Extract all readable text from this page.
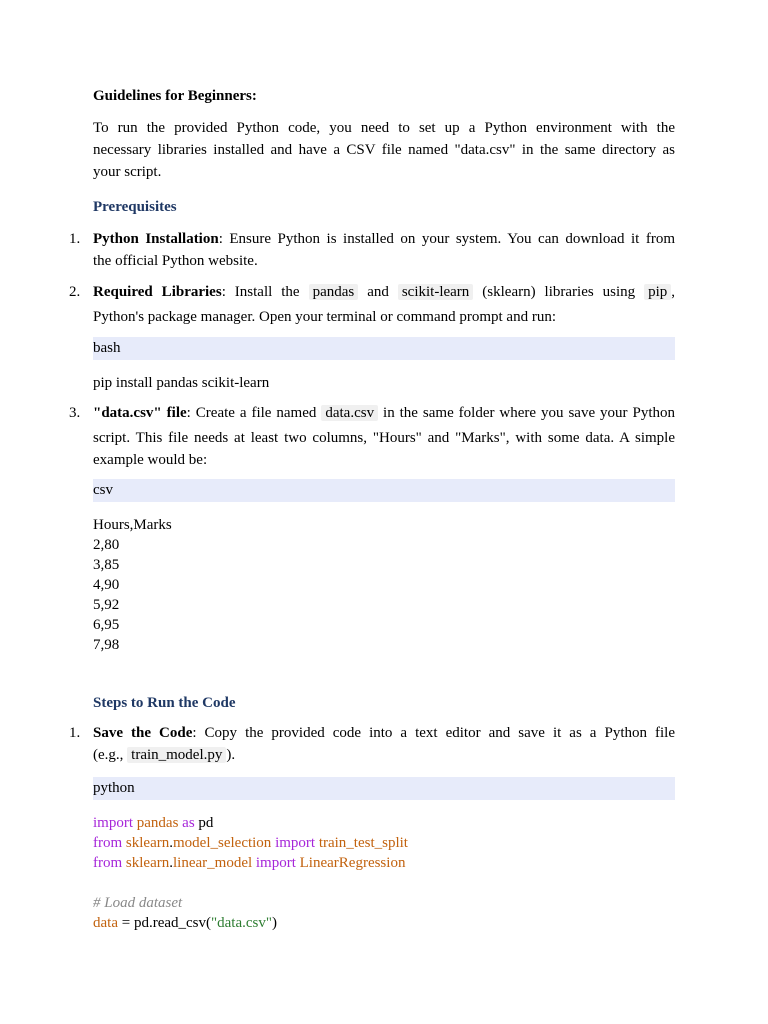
Guidelines for Beginners:
To run the provided Python code, you need to set up a Python environment with the
necessary libraries installed and have a CSV file named "data.csv" in the same directory as
your script.
Prerequisites
1. Python Installation: Ensure Python is installed on your system. You can download it from
the official Python website.
2. Required Libraries: Install the pandas and scikit-learn (sklearn) libraries using pip ,
Python's package manager. Open your terminal or command prompt and run:
bash
pip install pandas scikit-learn
3. "data.csv" file: Create a file named data.csv in the same folder where you save your Python
script. This file needs at least two columns, "Hours" and "Marks", with some data. A simple
example would be:
csv
Hours,Marks
2,80
3,85
4,90
5,92
6,95
7,98
Steps to Run the Code
1. Save the Code: Copy the provided code into a text editor and save it as a Python file
(e.g., train_model.py ).
python
import pandas as pd
from sklearn.model_selection import train_test_split
from sklearn.linear_model import LinearRegression
# Load dataset
data = pd.read_csv("data.csv")
